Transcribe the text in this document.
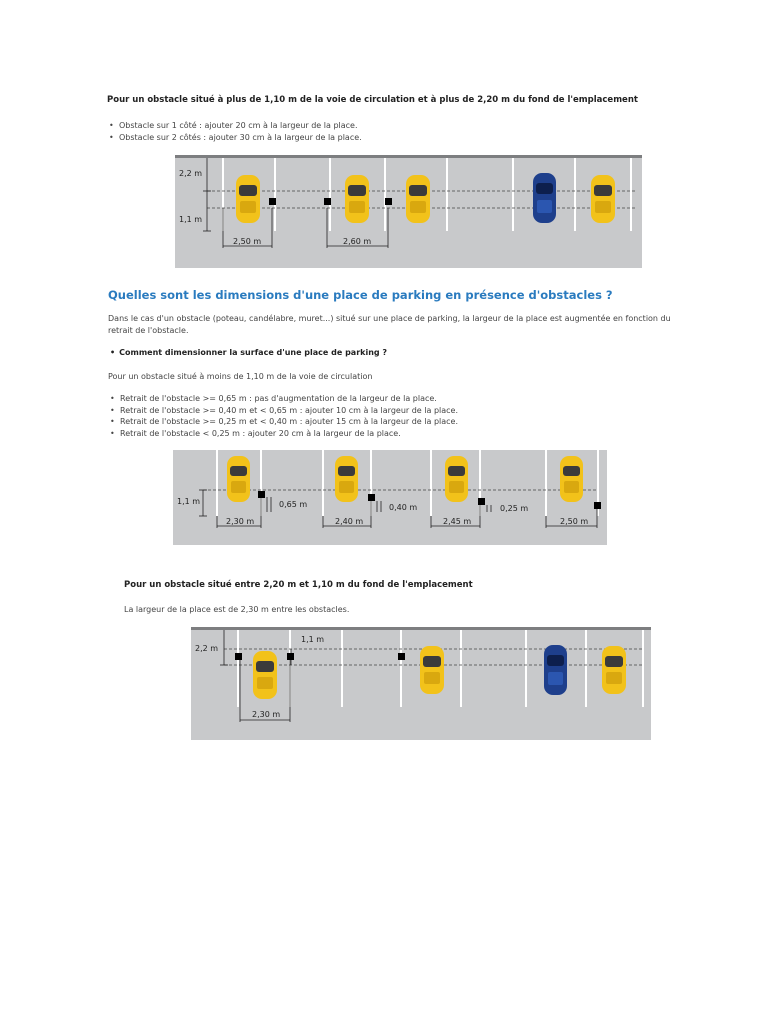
Pour un obstacle situé à plus de 1,10 m de la voie de circulation et à plus de 2,20 m du fond de l'emplacement
• Obstacle sur 1 côté : ajouter 20 cm à la largeur de la place.
• Obstacle sur 2 côtés : ajouter 30 cm à la largeur de la place.
2,2 m
1,1 m
2,50 m	2,60 m
Quelles sont les dimensions d'une place de parking en présence d'obstacles ?
Dans le cas d'un obstacle (poteau, candélabre, muret...) situé sur une place de parking, la largeur de la place est augmentée en fonction du
retrait de l'obstacle.
• Comment dimensionner la surface d'une place de parking ?
Pour un obstacle situé à moins de 1,10 m de la voie de circulation
• Retrait de l'obstacle >= 0,65 m : pas d'augmentation de la largeur de la place.
• Retrait de l'obstacle >= 0,40 m et < 0,65 m : ajouter 10 cm à la largeur de la place.
• Retrait de l'obstacle >= 0,25 m et < 0,40 m : ajouter 15 cm à la largeur de la place.
• Retrait de l'obstacle < 0,25 m : ajouter 20 cm à la largeur de la place.
1,1 m	0,65 m	0,40 m	0,25 m
2,30 m	2,40 m	2,45 m	2,50 m
Pour un obstacle situé entre 2,20 m et 1,10 m du fond de l'emplacement
La largeur de la place est de 2,30 m entre les obstacles.
2,2 m
1,1 m
2,30 m
